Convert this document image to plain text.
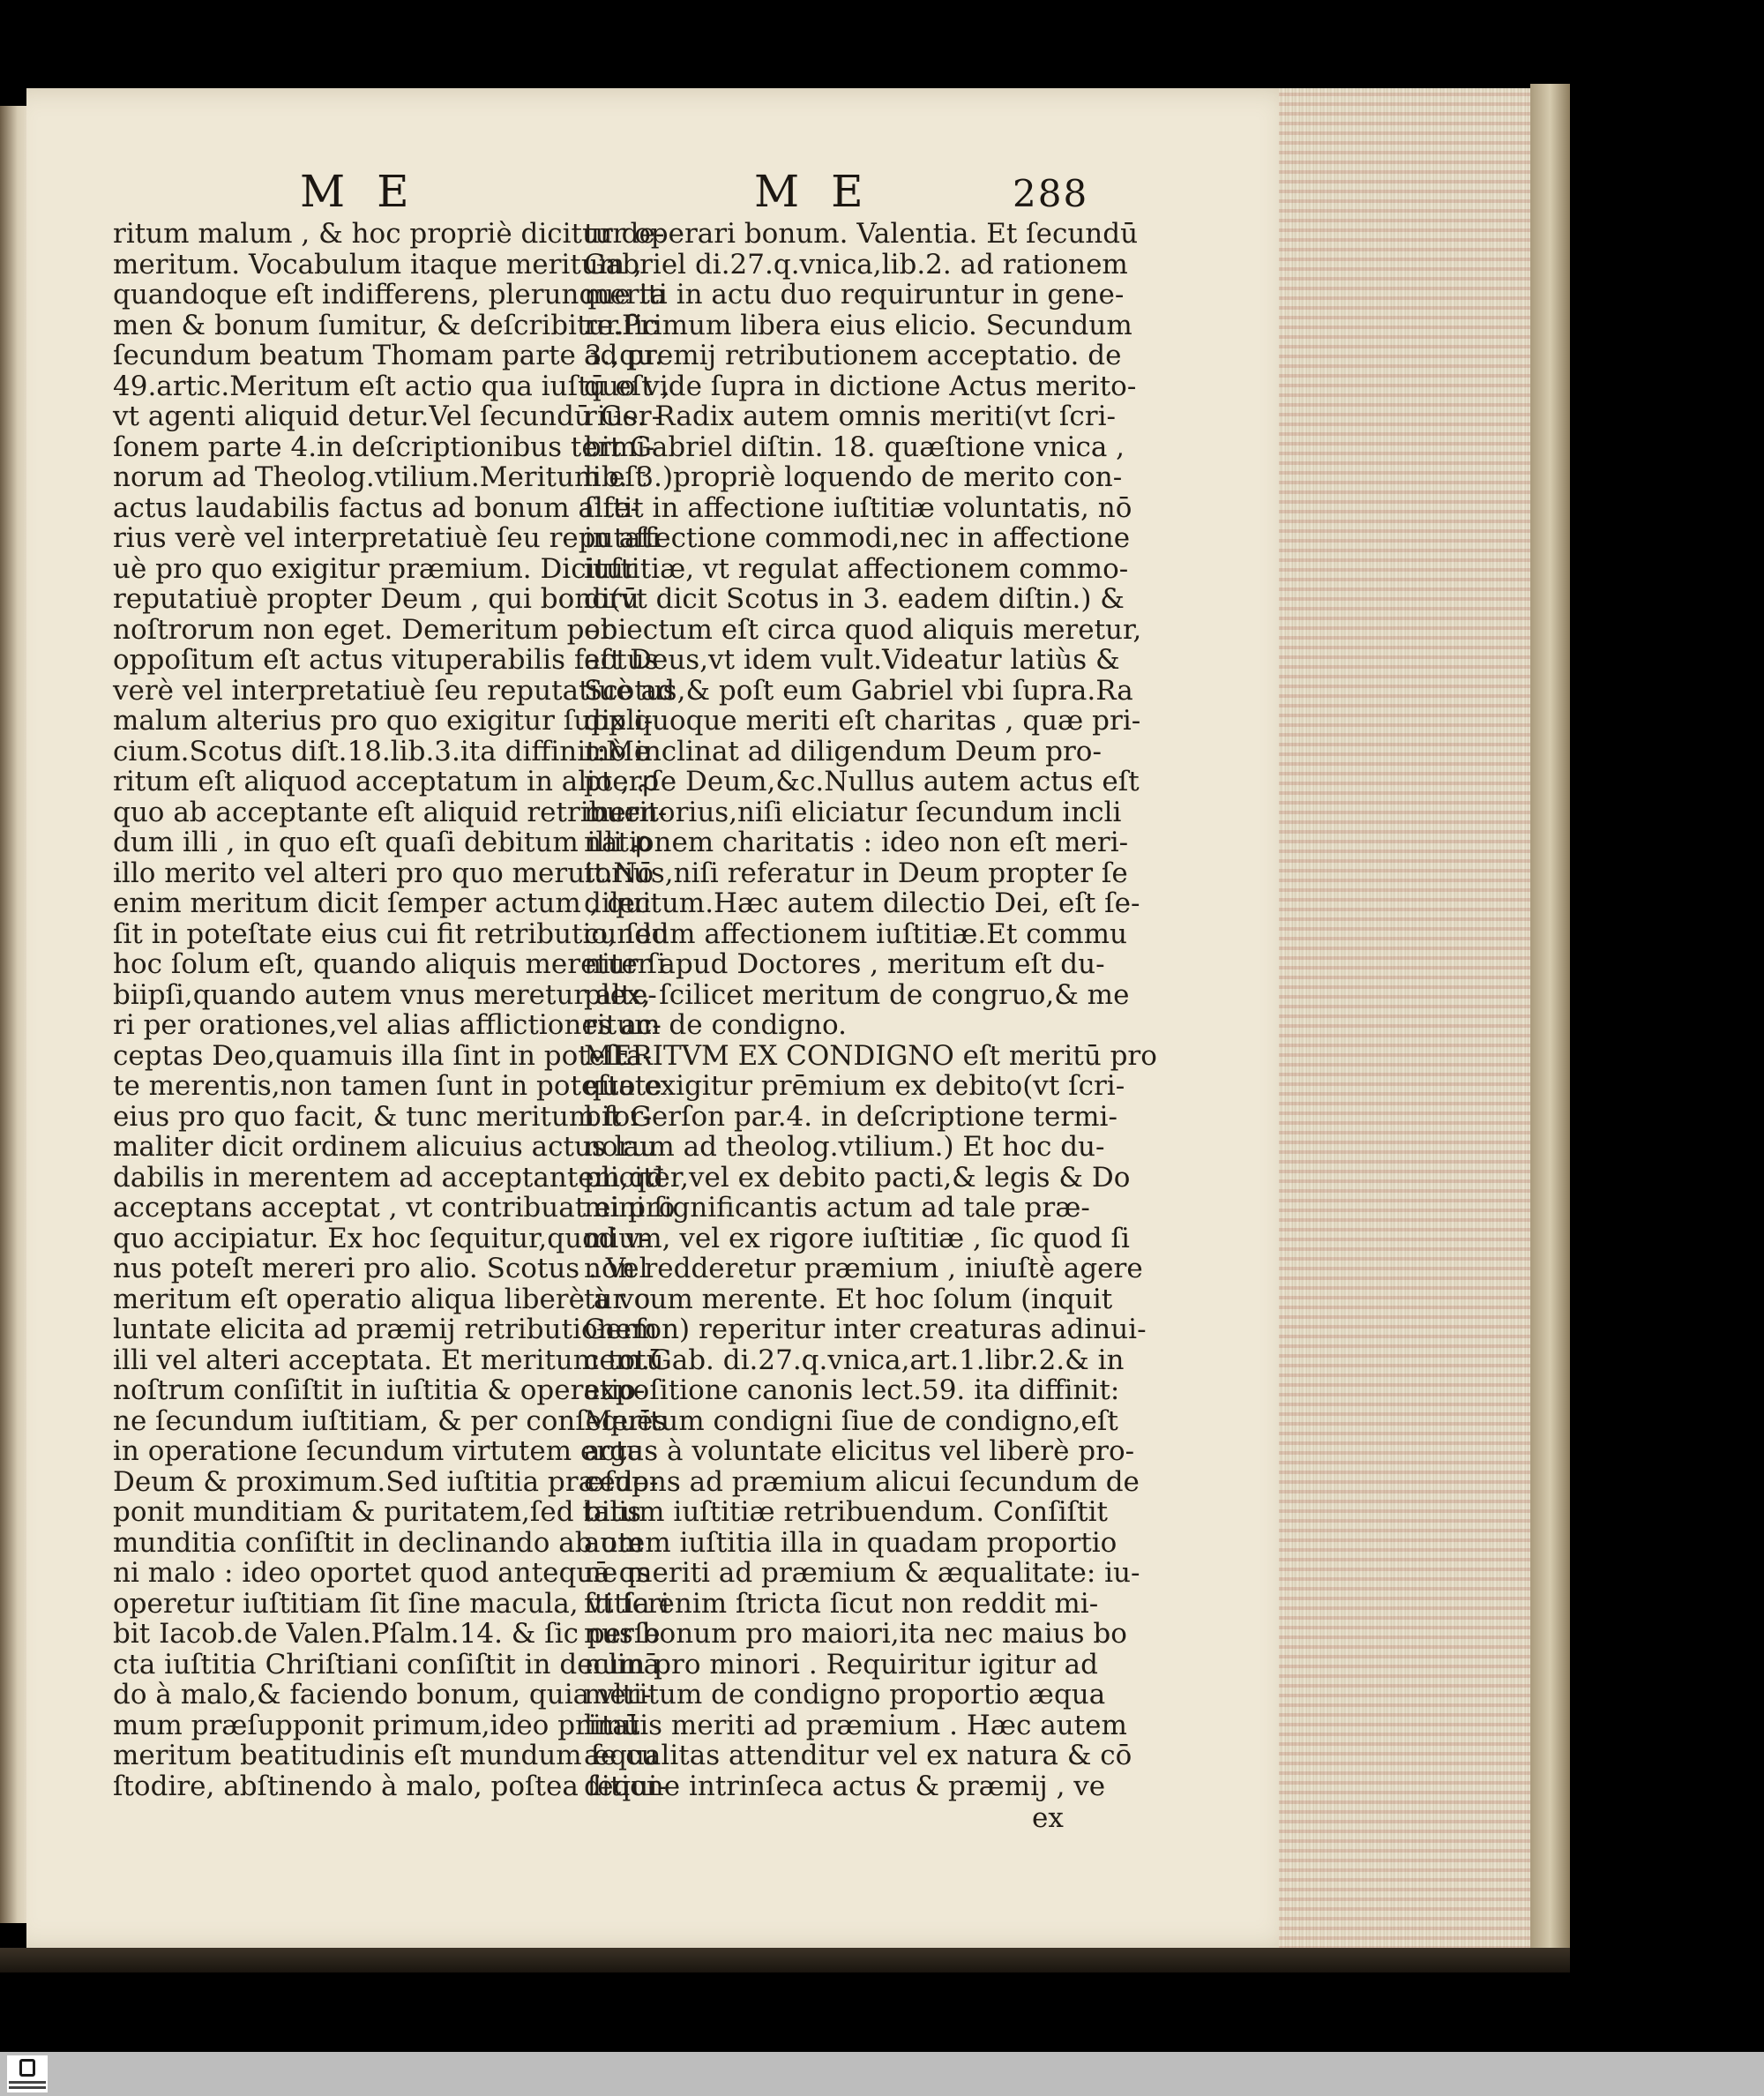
M E	M E	288
ritum malum , & hoc propriè dicitur de-
meritum. Vocabulum itaque meritum ,
quandoque eſt indifferens, plerunque ta
men & bonum ſumitur, & deſcribitur.ſic
ſecundum beatum Thomam parte 3.,qu.
49.artic.Meritum eſt actio qua iuſtū eſt ,
vt agenti aliquid detur.Vel ſecundū Ger-
ſonem parte 4.in deſcriptionibus termi-
norum ad Theolog.vtilium.Meritum eſt
actus laudabilis factus ad bonum alte-
rius verè vel interpretatiuè ſeu reputati
uè pro quo exigitur præmium. Dicitur
reputatiuè propter Deum , qui bonorū
noſtrorum non eget. Demeritum per
oppoſitum eſt actus vituperabilis factus
verè vel interpretatiuè ſeu reputatiuè ad
malum alterius pro quo exigitur ſuppli-
cium.Scotus diſt.18.lib.3.ita diffinit:Me
ritum eſt aliquod acceptatum in alio , ꝓ
quo ab acceptante eſt aliquid retribuen-
dum illi , in quo eſt quaſi debitum illi ꝓ
illo merito vel alteri pro quo meruit.Nō
enim meritum dicit ſemper actum , qui
ſit in poteſtate eius cui fit retributio, ſed
hoc ſolum eſt, quando aliquis meretur ſi
biipſi,quando autem vnus meretur alte-
ri per orationes,vel alias afflictiones ac-
ceptas Deo,quamuis illa ſint in poteſta-
te merentis,non tamen ſunt in poteſtate
eius pro quo facit, & tunc meritum for-
maliter dicit ordinem alicuius actus lau
dabilis in merentem ad acceptantem,qđ
acceptans acceptat , vt contribuat ei pro
quo accipiatur. Ex hoc ſequitur,quod v-
nus poteſt mereri pro alio. Scotus . Vel
meritum eſt operatio aliqua liberè à vo
luntate elicita ad præmij retributionem
illi vel alteri acceptata. Et meritum totū
noſtrum conſiſtit in iuſtitia & operatio-
ne ſecundum iuſtitiam, & per conſequēs
in operatione ſecundum virtutem erga
Deum & proximum.Sed iuſtitia præſup-
ponit munditiam & puritatem,ſed talis
munditia conſiſtit in declinando ab om
ni malo : ideo oportet quod antequā qs
operetur iuſtitiam ſit ſine macula, vt ſcri
bit Iacob.de Valen.Pſalm.14. & ſic perſe
cta iuſtitia Chriſtiani conſiſtit in declinā
do à malo,& faciendo bonum, quia vlti-
mum præſupponit primum,ideo primū
meritum beatitudinis eſt mundum ſe cu
ſtodire, abſtinendo à malo, poſtea ſequi-
tur operari bonum. Valentia. Et ſecundū
Gabriel di.27.q.vnica,lib.2. ad rationem
meriti in actu duo requiruntur in gene-
re.Primum libera eius elicio. Secundum
ad premij retributionem acceptatio. de
quo vide ſupra in dictione Actus merito-
rius. Radix autem omnis meriti(vt ſcri-
bit Gabriel diſtin. 18. quæſtione vnica ,
lib. 3.)propriè loquendo de merito con-
ſiſtit in affectione iuſtitiæ voluntatis, nō
in affectione commodi,nec in affectione
iuſtitiæ, vt regulat affectionem commo-
di(vt dicit Scotus in 3. eadem diſtin.) &
obiectum eſt circa quod aliquis meretur,
eſt Deus,vt idem vult.Videatur latiùs &
Scotus,& poſt eum Gabriel vbi ſupra.Ra
dix quoque meriti eſt charitas , quæ pri-
mò inclinat ad diligendum Deum pro-
pter ſe Deum,&c.Nullus autem actus eſt
meritorius,niſi eliciatur ſecundum incli
nationem charitatis : ideo non eſt meri-
torius,niſi referatur in Deum propter ſe
dilectum.Hæc autem dilectio Dei, eſt ſe-
cundum affectionem iuſtitiæ.Et commu
niter apud Doctores , meritum eſt du-
plex, ſcilicet meritum de congruo,& me
ritum de condigno.
MERITVM EX CONDIGNO eſt meritū pro
quo exigitur prēmium ex debito(vt ſcri-
bit Gerſon par.4. in deſcriptione termi-
norum ad theolog.vtilium.) Et hoc du-
pliciter,vel ex debito pacti,& legis & Do
mini ſignificantis actum ad tale præ-
mium, vel ex rigore iuſtitiæ , ſic quod ſi
non redderetur præmium , iniuſtè agere
tur cum merente. Et hoc ſolum (inquit
Gerſon) reperitur inter creaturas adinui-
cem.Gab. di.27.q.vnica,art.1.libr.2.& in
expoſitione canonis lect.59. ita diffinit:
Meritum condigni ſiue de condigno,eſt
actus à voluntate elicitus vel liberè pro-
cedens ad præmium alicui ſecundum de
bitum iuſtitiæ retribuendum. Conſiſtit
autem iuſtitia illa in quadam proportio
ne meriti ad præmium & æqualitate: iu-
ſtitia enim ſtricta ſicut non reddit mi-
nus bonum pro maiori,ita nec maius bo
num pro minori . Requiritur igitur ad
meritum de condigno proportio æqua
litatis meriti ad præmium . Hæc autem
æqualitas attenditur vel ex natura & cō
ditione intrinſeca actus & præmij , ve
ex
